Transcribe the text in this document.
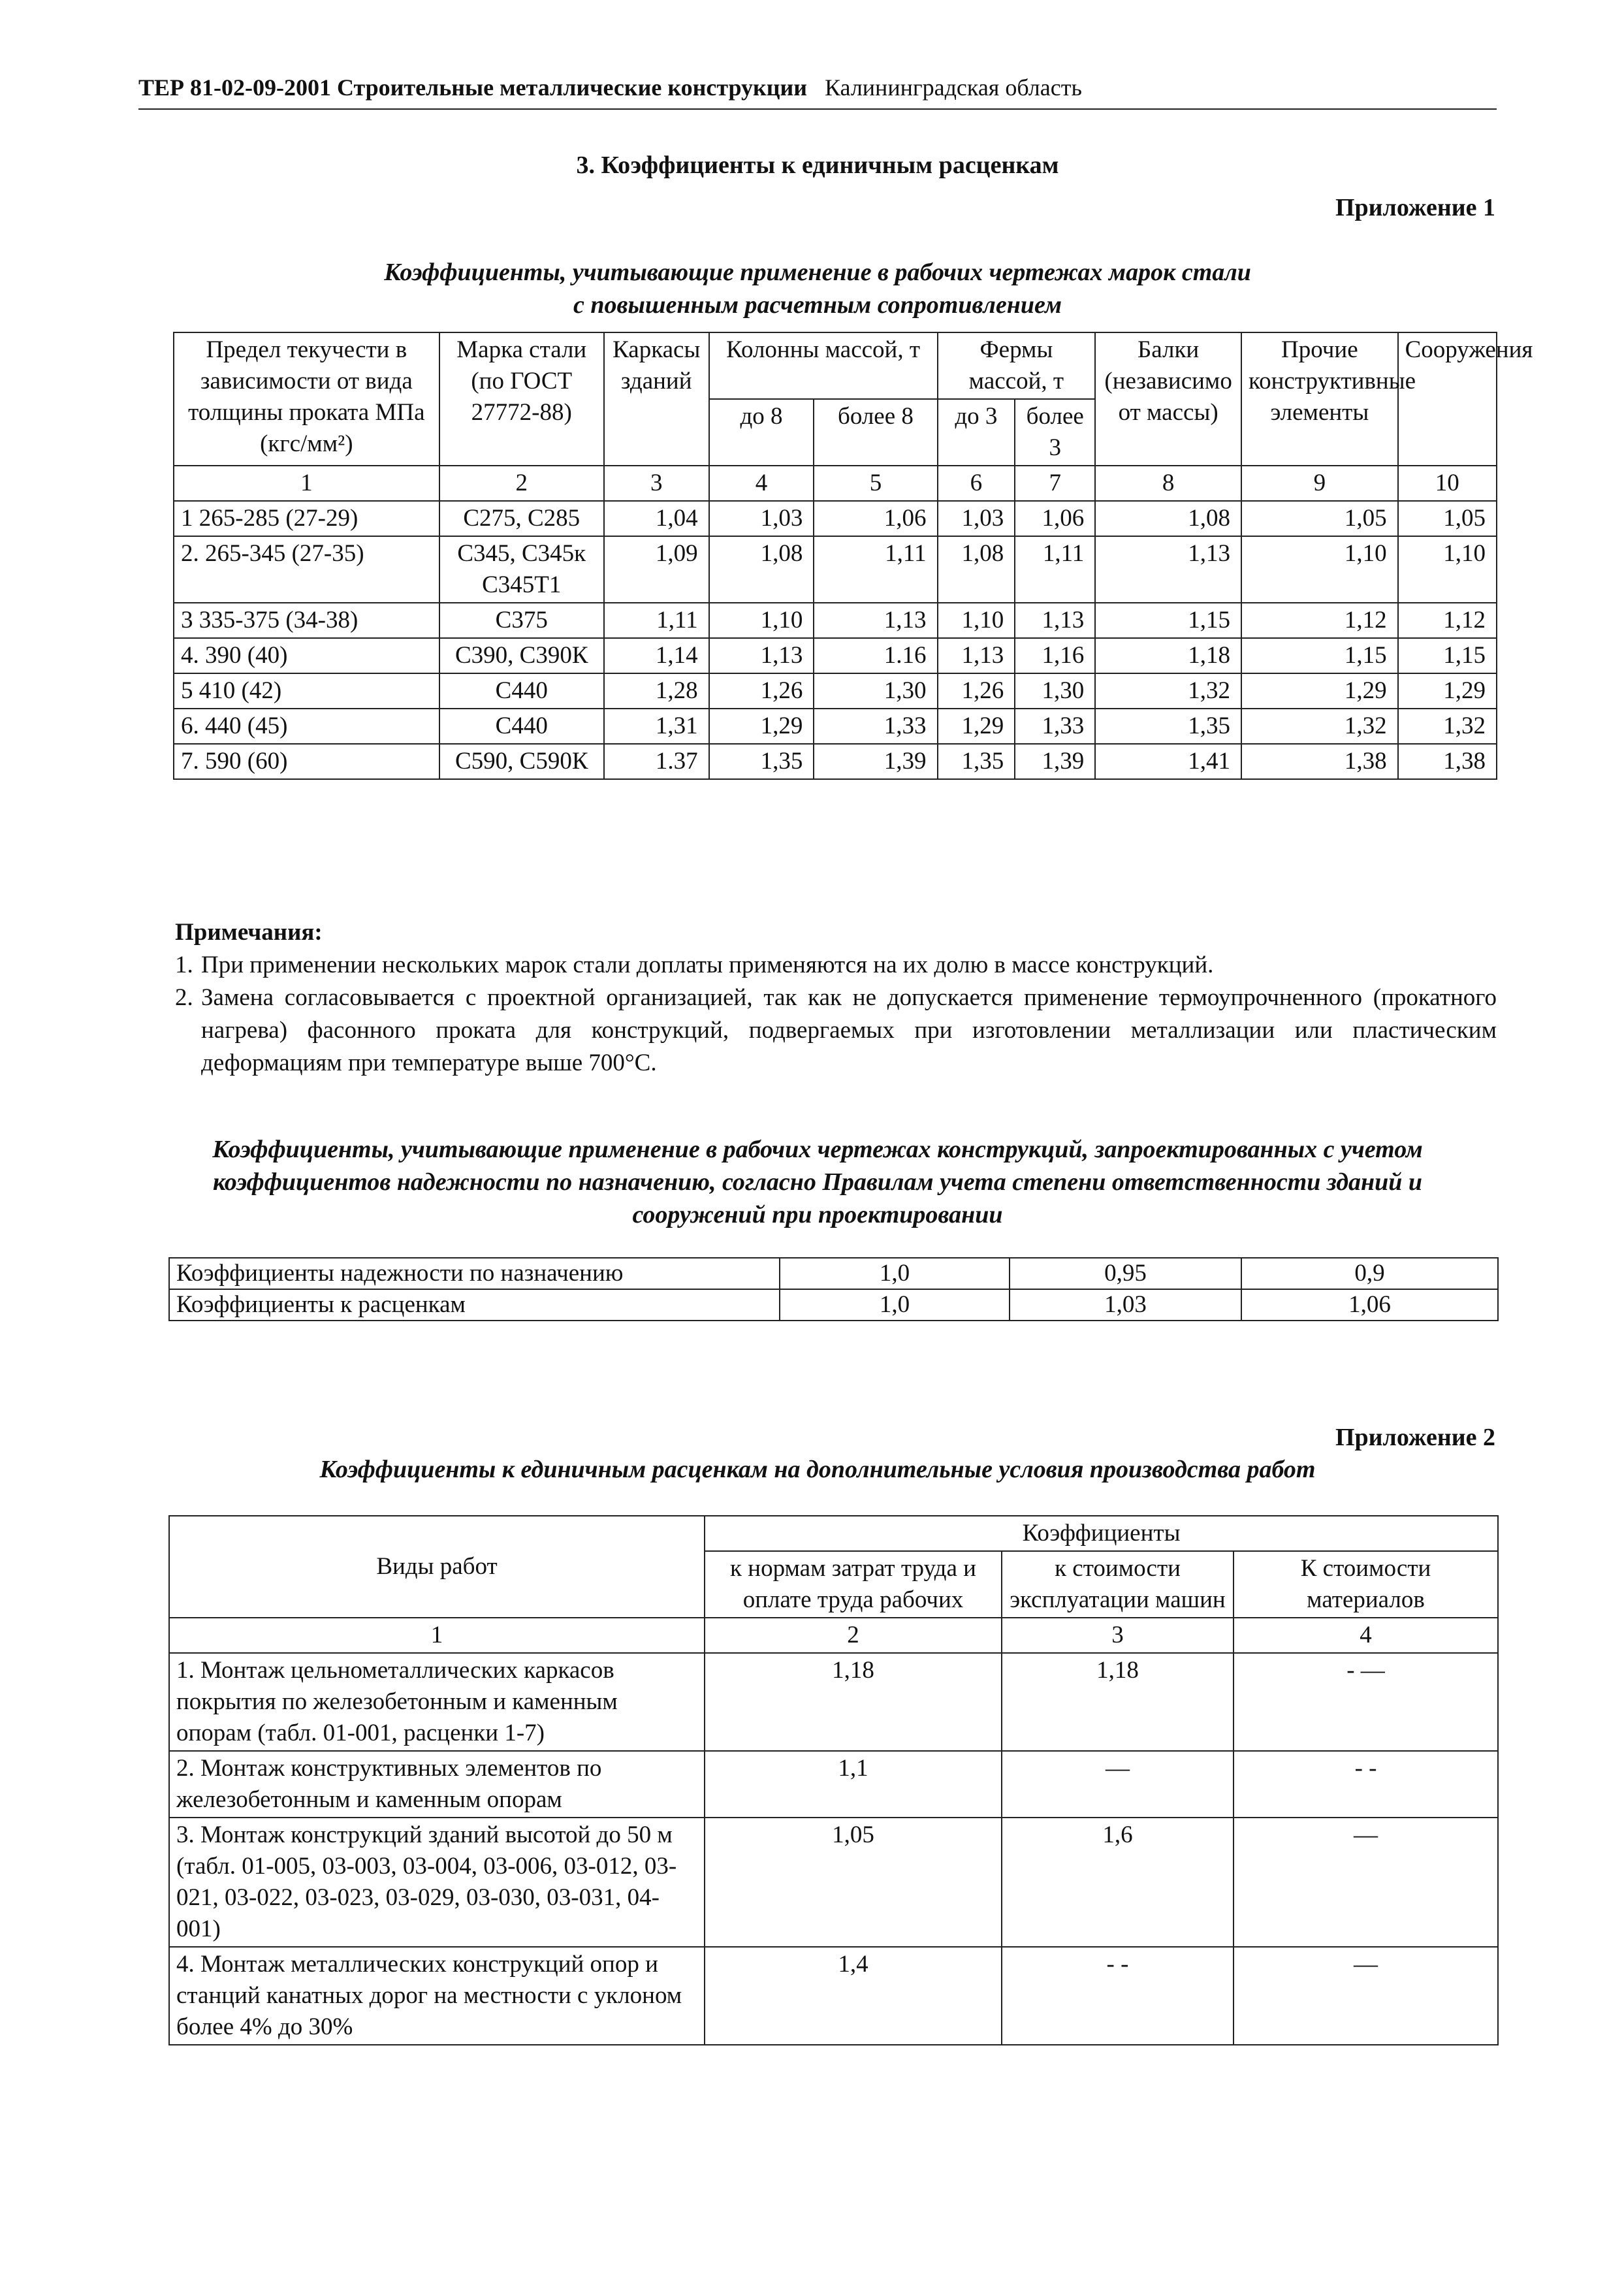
ТЕР 81-02-09-2001 Строительные металлические конструкции Калининградская область
3. Коэффициенты к единичным расценкам
Приложение 1
Коэффициенты, учитывающие применение в рабочих чертежах марок стали
с повышенным расчетным сопротивлением
Предел текучести в зависимости от вида толщины проката МПа (кгс/мм²)	Марка стали (по ГОСТ 27772-88)	Каркасы зданий	Колонны массой, т		Фермы массой, т		Балки (независимо от массы)	Прочие конструктивные элементы	Сооружения
			до 8	более 8	до 3	более 3			
1	2	3	4	5	6	7	8	9	10
1 265-285 (27-29)	С275, С285	1,04	1,03	1,06	1,03	1,06	1,08	1,05	1,05
2. 265-345 (27-35)	С345, С345к С345Т1	1,09	1,08	1,11	1,08	1,11	1,13	1,10	1,10
3 335-375 (34-38)	С375	1,11	1,10	1,13	1,10	1,13	1,15	1,12	1,12
4. 390 (40)	С390, С390К	1,14	1,13	1.16	1,13	1,16	1,18	1,15	1,15
5 410 (42)	С440	1,28	1,26	1,30	1,26	1,30	1,32	1,29	1,29
6. 440 (45)	С440	1,31	1,29	1,33	1,29	1,33	1,35	1,32	1,32
7. 590 (60)	С590, С590К	1.37	1,35	1,39	1,35	1,39	1,41	1,38	1,38
Примечания:
1. При применении нескольких марок стали доплаты применяются на их долю в массе конструкций.
2. Замена согласовывается с проектной организацией, так как не допускается применение термоупрочненного (прокатного нагрева) фасонного проката для конструкций, подвергаемых при изготовлении металлизации или пластическим деформациям при температуре выше 700°С.
Коэффициенты, учитывающие применение в рабочих чертежах конструкций, запроектированных с учетом
коэффициентов надежности по назначению, согласно Правилам учета степени ответственности зданий и
сооружений при проектировании
Коэффициенты надежности по назначению	1,0	0,95	0,9
Коэффициенты к расценкам	1,0	1,03	1,06
Приложение 2
Коэффициенты к единичным расценкам на дополнительные условия производства работ
Виды работ	Коэффициенты		
	к нормам затрат труда и оплате труда рабочих	к стоимости эксплуатации машин	К стоимости материалов
1	2	3	4
1. Монтаж цельнометаллических каркасов покрытия по железобетонным и каменным опорам (табл. 01-001, расценки 1-7)	1,18	1,18	- —
2. Монтаж конструктивных элементов по железобетонным и каменным опорам	1,1	—	- -
3. Монтаж конструкций зданий высотой до 50 м (табл. 01-005, 03-003, 03-004, 03-006, 03-012, 03-021, 03-022, 03-023, 03-029, 03-030, 03-031, 04-001)	1,05	1,6	—
4. Монтаж металлических конструкций опор и станций канатных дорог на местности с уклоном более 4% до 30%	1,4	- -	—
